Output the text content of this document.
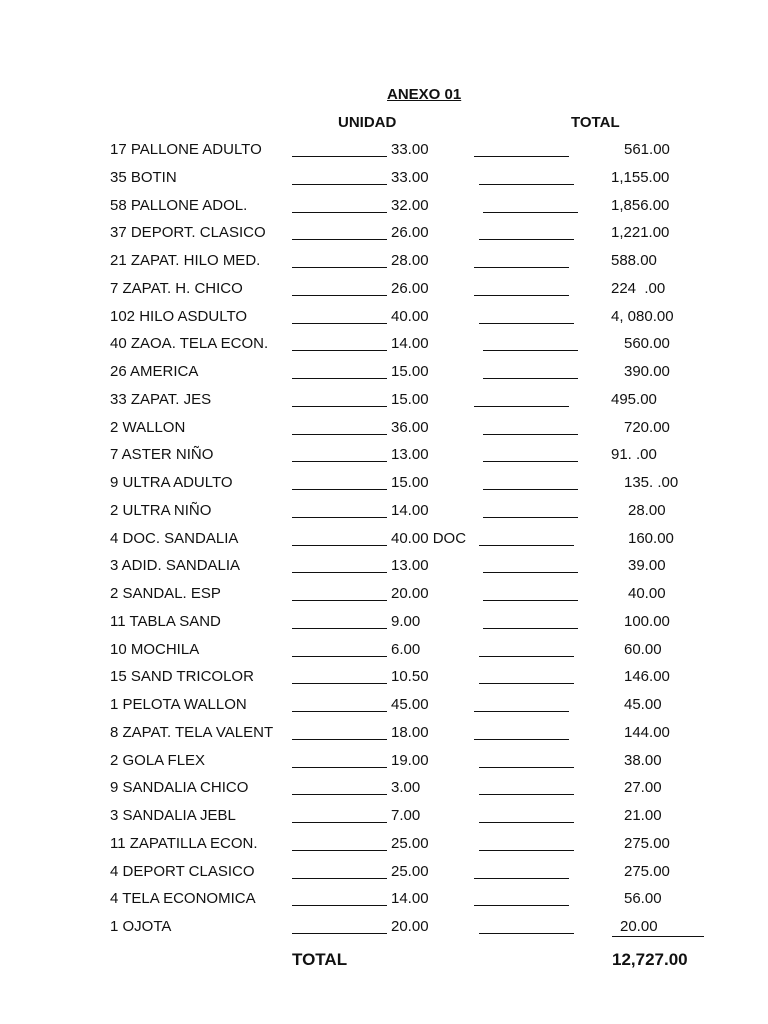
ANEXO 01
UNIDAD	TOTAL
17 PALLONE ADULTO	33.00	561.00
35 BOTIN	33.00	1,155.00
58 PALLONE ADOL.	32.00	1,856.00
37 DEPORT. CLASICO	26.00	1,221.00
21 ZAPAT. HILO MED.	28.00	588.00
7 ZAPAT. H. CHICO	26.00	224  .00
102 HILO ASDULTO	40.00	4, 080.00
40 ZAOA. TELA ECON.	14.00	560.00
26 AMERICA	15.00	390.00
33 ZAPAT. JES	15.00	495.00
2 WALLON	36.00	720.00
7 ASTER NIÑO	13.00	91. .00
9 ULTRA ADULTO	15.00	135. .00
2 ULTRA NIÑO	14.00	28.00
4 DOC. SANDALIA	40.00 DOC	160.00
3 ADID. SANDALIA	13.00	39.00
2 SANDAL. ESP	20.00	40.00
11 TABLA SAND	9.00	100.00
10 MOCHILA	6.00	60.00
15 SAND TRICOLOR	10.50	146.00
1 PELOTA WALLON	45.00	45.00
8 ZAPAT. TELA VALENT	18.00	144.00
2 GOLA FLEX	19.00	38.00
9 SANDALIA CHICO	3.00	27.00
3 SANDALIA JEBL	7.00	21.00
11 ZAPATILLA ECON.	25.00	275.00
4 DEPORT CLASICO	25.00	275.00
4 TELA ECONOMICA	14.00	56.00
1 OJOTA	20.00	20.00
TOTAL	12,727.00
